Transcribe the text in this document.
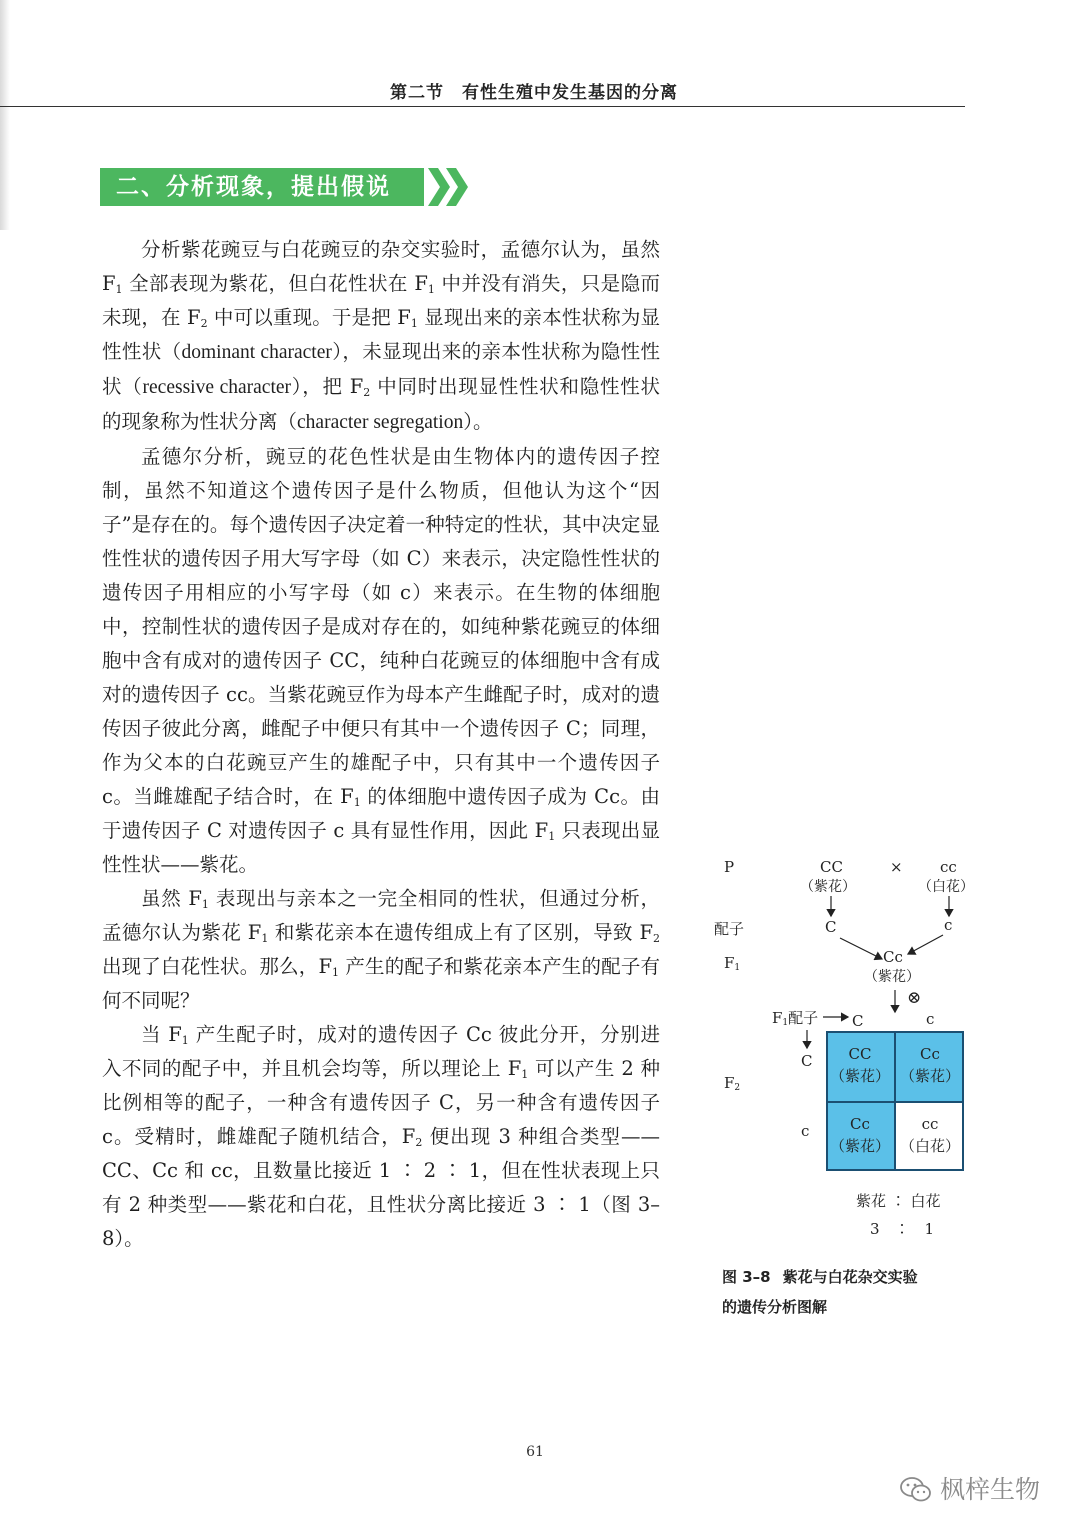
第二节　有性生殖中发生基因的分离
二、分析现象，提出假说

分析紫花豌豆与白花豌豆的杂交实验时，孟德尔认为，虽然 $F_1$ 全部表现为紫花，但白花性状在 $F_1$ 中并没有消失，只是隐而未现，在 $F_2$ 中可以重现。于是把 $F_1$ 显现出来的亲本性状称为显性性状（dominant character），未显现出来的亲本性状称为隐性性状（recessive character），把 $F_2$ 中同时出现显性性状和隐性性状的现象称为性状分离（character segregation）。

孟德尔分析，豌豆的花色性状是由生物体内的遗传因子控制，虽然不知道这个遗传因子是什么物质，但他认为这个“因子”是存在的。每个遗传因子决定着一种特定的性状，其中决定显性性状的遗传因子用大写字母（如 C）来表示，决定隐性性状的遗传因子用相应的小写字母（如 c）来表示。在生物的体细胞中，控制性状的遗传因子是成对存在的，如纯种紫花豌豆的体细胞中含有成对的遗传因子 CC，纯种白花豌豆的体细胞中含有成对的遗传因子 cc。当紫花豌豆作为母本产生雌配子时，成对的遗传因子彼此分离，雌配子中便只有其中一个遗传因子 C；同理，作为父本的白花豌豆产生的雄配子中，只有其中一个遗传因子 c。当雌雄配子结合时，在 $F_1$ 的体细胞中遗传因子成为 Cc。由于遗传因子 C 对遗传因子 c 具有显性作用，因此 $F_1$ 只表现出显性性状——紫花。

虽然 $F_1$ 表现出与亲本之一完全相同的性状，但通过分析，孟德尔认为紫花 $F_1$ 和紫花亲本在遗传组成上有了区别，导致 $F_2$ 出现了白花性状。那么，$F_1$ 产生的配子和紫花亲本产生的配子有何不同呢？

当 $F_1$ 产生配子时，成对的遗传因子 Cc 彼此分开，分别进入不同的配子中，并且机会均等，所以理论上 $F_1$ 可以产生 2 种比例相等的配子，一种含有遗传因子 C，另一种含有遗传因子 c。受精时，雌雄配子随机结合，$F_2$ 便出现 3 种组合类型——CC、Cc 和 cc，且数量比接近 1 ∶ 2 ∶ 1，但在性状表现上只有 2 种类型——紫花和白花，且性状分离比接近 3 ∶ 1（图 3–8）。

P
配子
$F_1$
$F_2$
CC
（紫花）
× cc
（白花）
C	c
Cc
（紫花）
⊗
$F_1$配子 C	c
C
c
CC
（紫花）
Cc
（紫花）
Cc
（紫花）
cc
（白花）
紫花 ∶ 白花
3　∶　1
图 3–8 紫花与白花杂交实验
的遗传分析图解
61
枫梓生物
